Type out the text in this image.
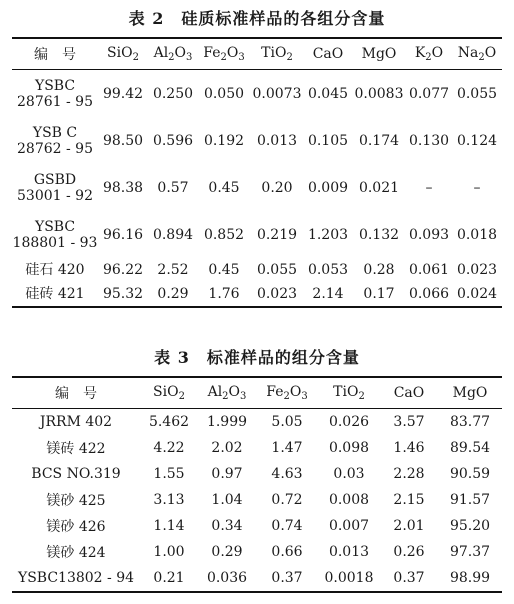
表 2　硅质标准样品的各组分含量
编　号	SiO$_2$	$Al_2O_3$	$Fe_2O_3$	TiO$_2$	CaO	MgO	$K_2O$	$Na_2O$

YSBC
28761 - 95	99.42	0.250	0.050	0.0073	0.045	0.0083	0.077	0.055

YSB C
28762 - 95	98.50	0.596	0.192	0.013	0.105	0.174	0.130	0.124

GSBD
53001 - 92	98.38	0.57	0.45	0.20	0.009	0.021	–	–

YSBC
188801 - 93	96.16	0.894	0.852	0.219	1.203	0.132	0.093	0.018

硅石 420	96.22	2.52	0.45	0.055	0.053	0.28	0.061	0.023

硅砖 421	95.32	0.29	1.76	0.023	2.14	0.17	0.066	0.024
表 3　标准样品的组分含量
编　号	SiO$_2$	$Al_2O_3$	$Fe_2O_3$	TiO$_2$	CaO	MgO
JRRM 402	5.462	1.999	5.05	0.026	3.57	83.77
镁砖 422	4.22	2.02	1.47	0.098	1.46	89.54
BCS NO.319	1.55	0.97	4.63	0.03	2.28	90.59
镁砂 425	3.13	1.04	0.72	0.008	2.15	91.57
镁砂 426	1.14	0.34	0.74	0.007	2.01	95.20
镁砂 424	1.00	0.29	0.66	0.013	0.26	97.37
YSBC13802 - 94	0.21	0.036	0.37	0.0018	0.37	98.99
